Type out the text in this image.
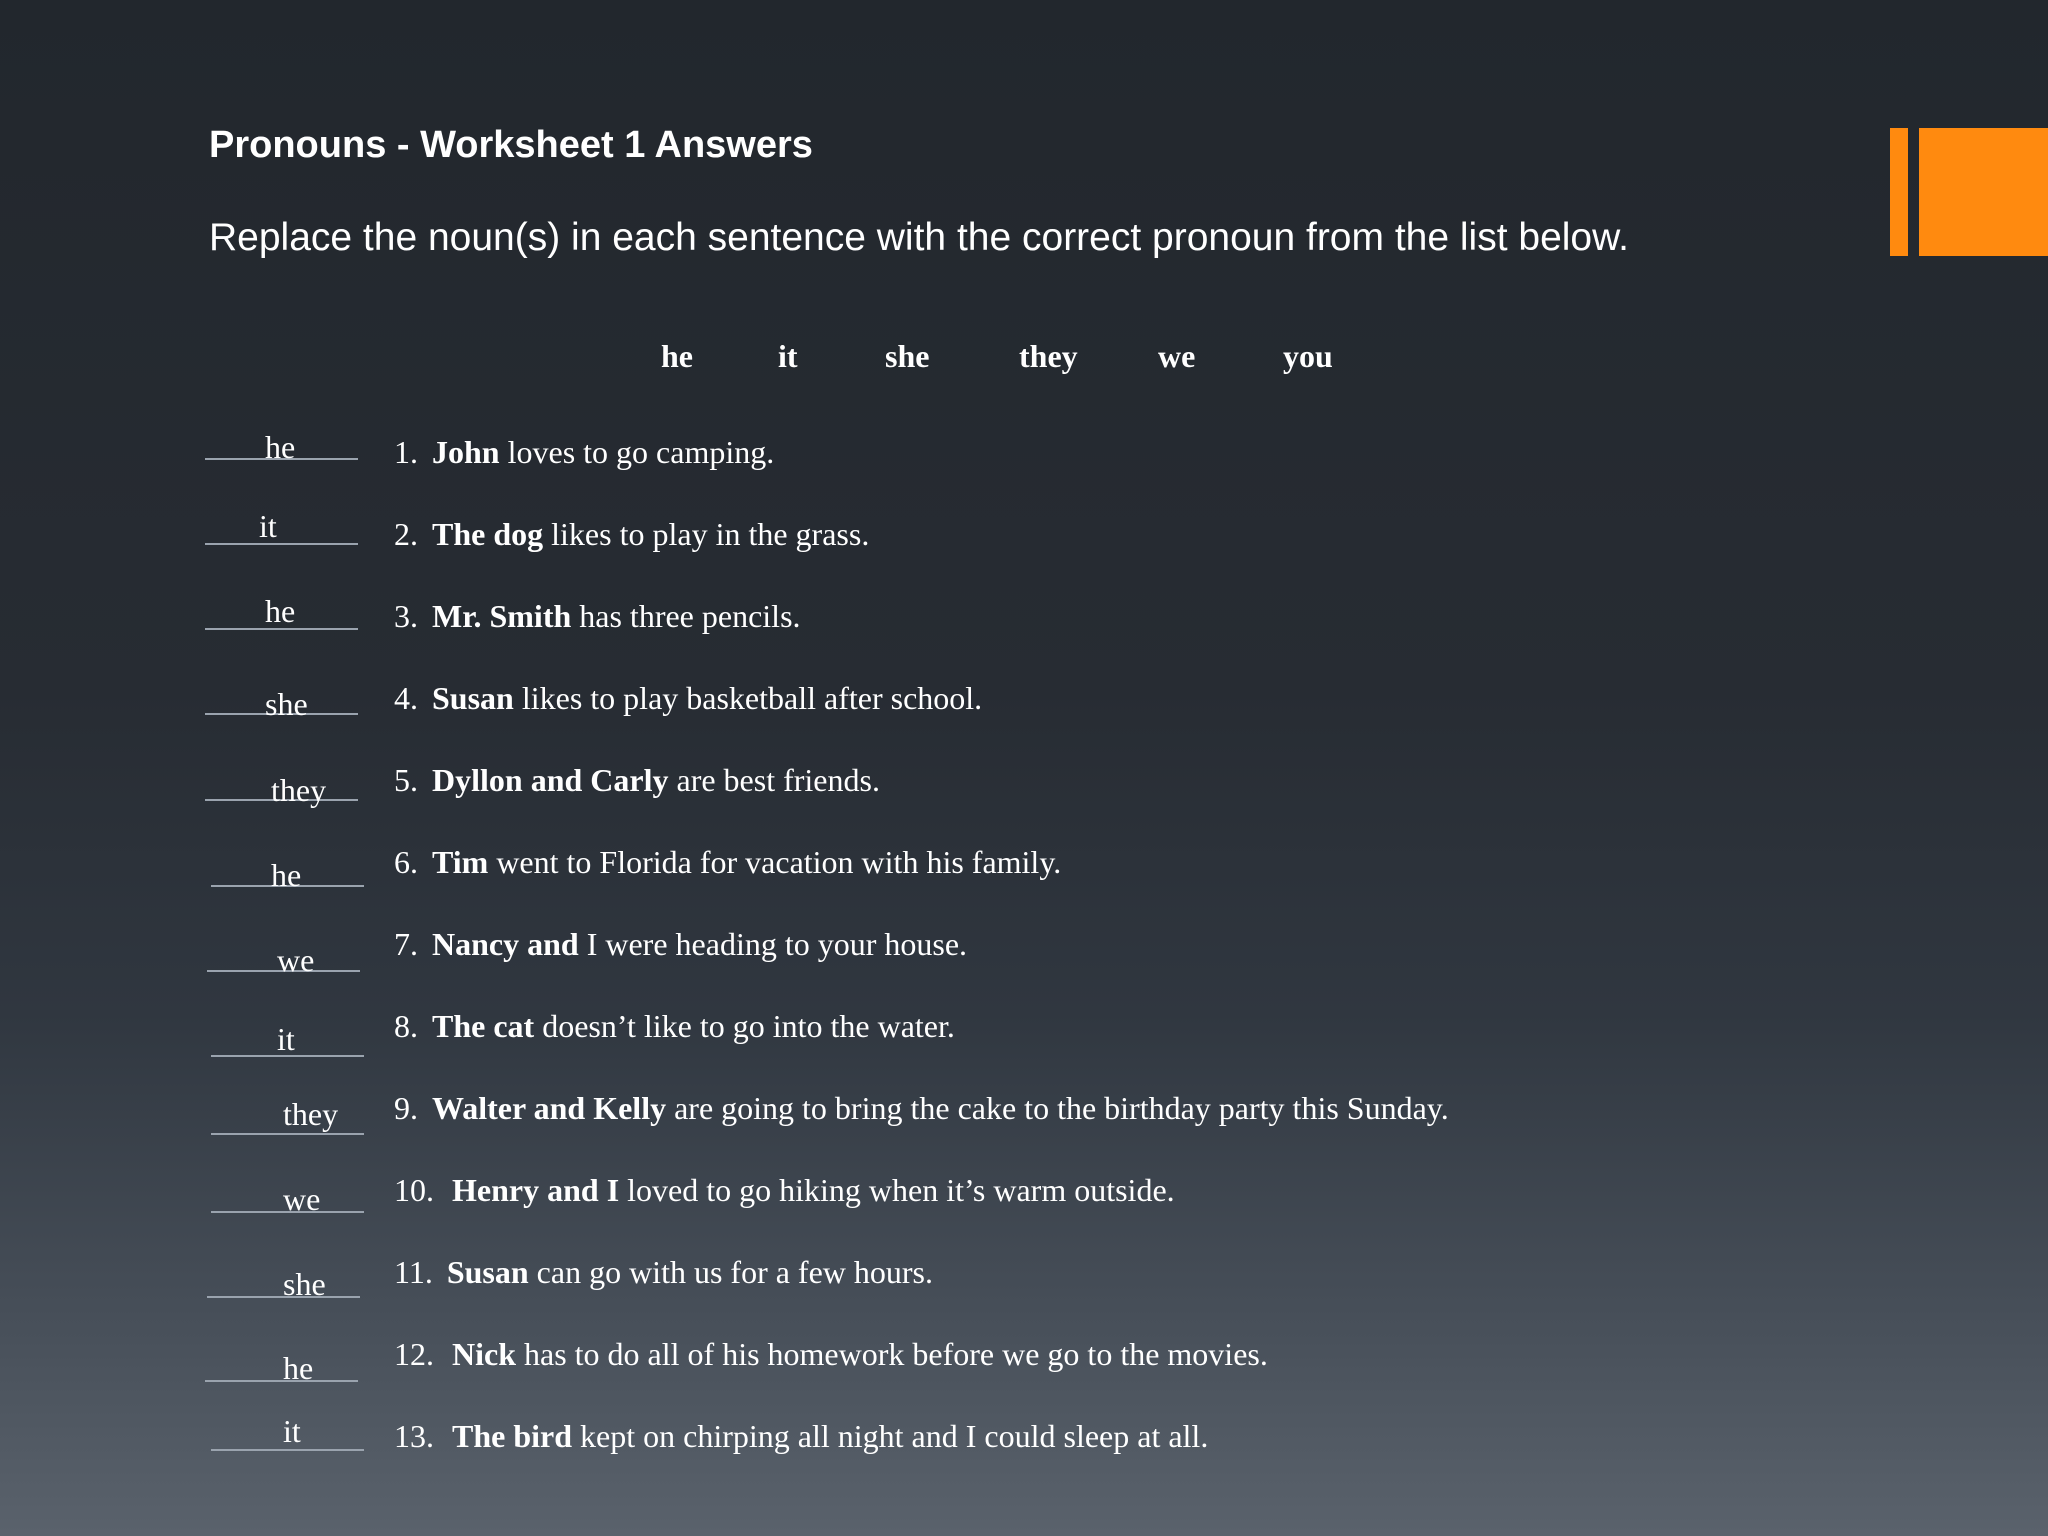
Pronouns - Worksheet 1 Answers
Replace the noun(s) in each sentence with the correct pronoun from the list below.
he	it	she	they	we	you
he	1. John loves to go camping.
it	2. The dog likes to play in the grass.
he	3. Mr. Smith has three pencils.
she	4. Susan likes to play basketball after school.
they 5. Dyllon and Carly are best friends.
he	6. Tim went to Florida for vacation with his family.
we 7. Nancy and I were heading to your house.
it	8. The cat doesn’t like to go into the water.
they 9. Walter and Kelly are going to bring the cake to the birthday party this Sunday.
we 10. Henry and I loved to go hiking when it’s warm outside.
she 11. Susan can go with us for a few hours.
he	12. Nick has to do all of his homework before we go to the movies.
it	13. The bird kept on chirping all night and I could sleep at all.
